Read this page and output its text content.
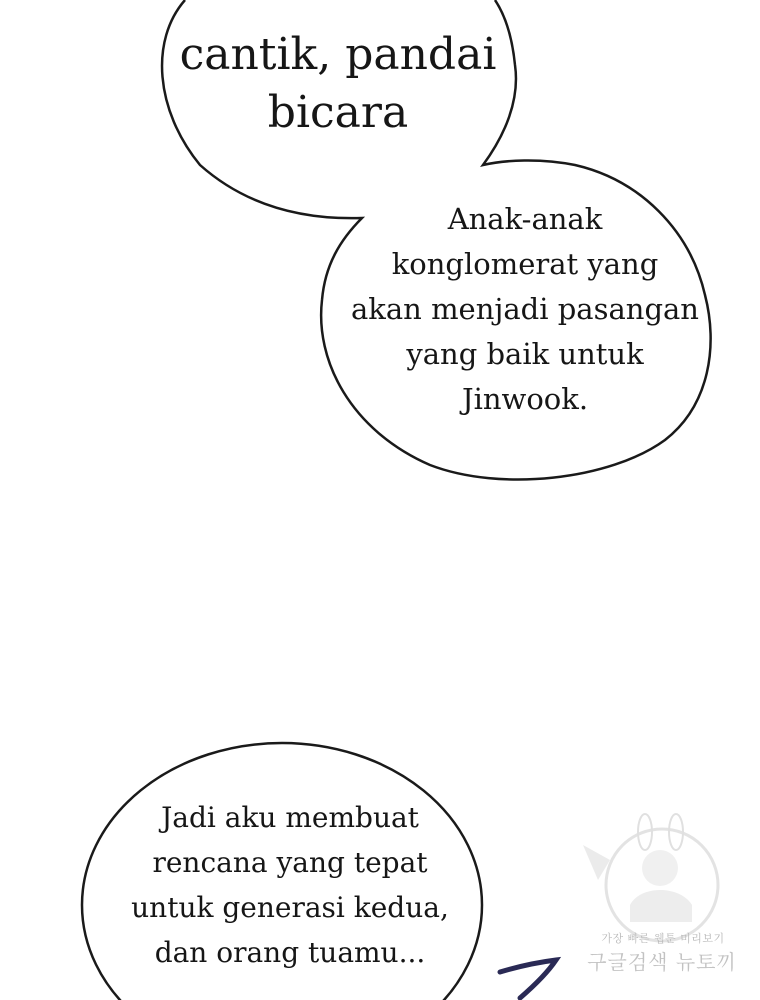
cantik, pandai
bicara
Anak-anak
konglomerat yang
akan menjadi pasangan
yang baik untuk
Jinwook.
Jadi aku membuat
rencana yang tepat
untuk generasi kedua,
dan orang tuamu...	가장 빠른 웹툰 미리보기
구글검색 뉴토끼
